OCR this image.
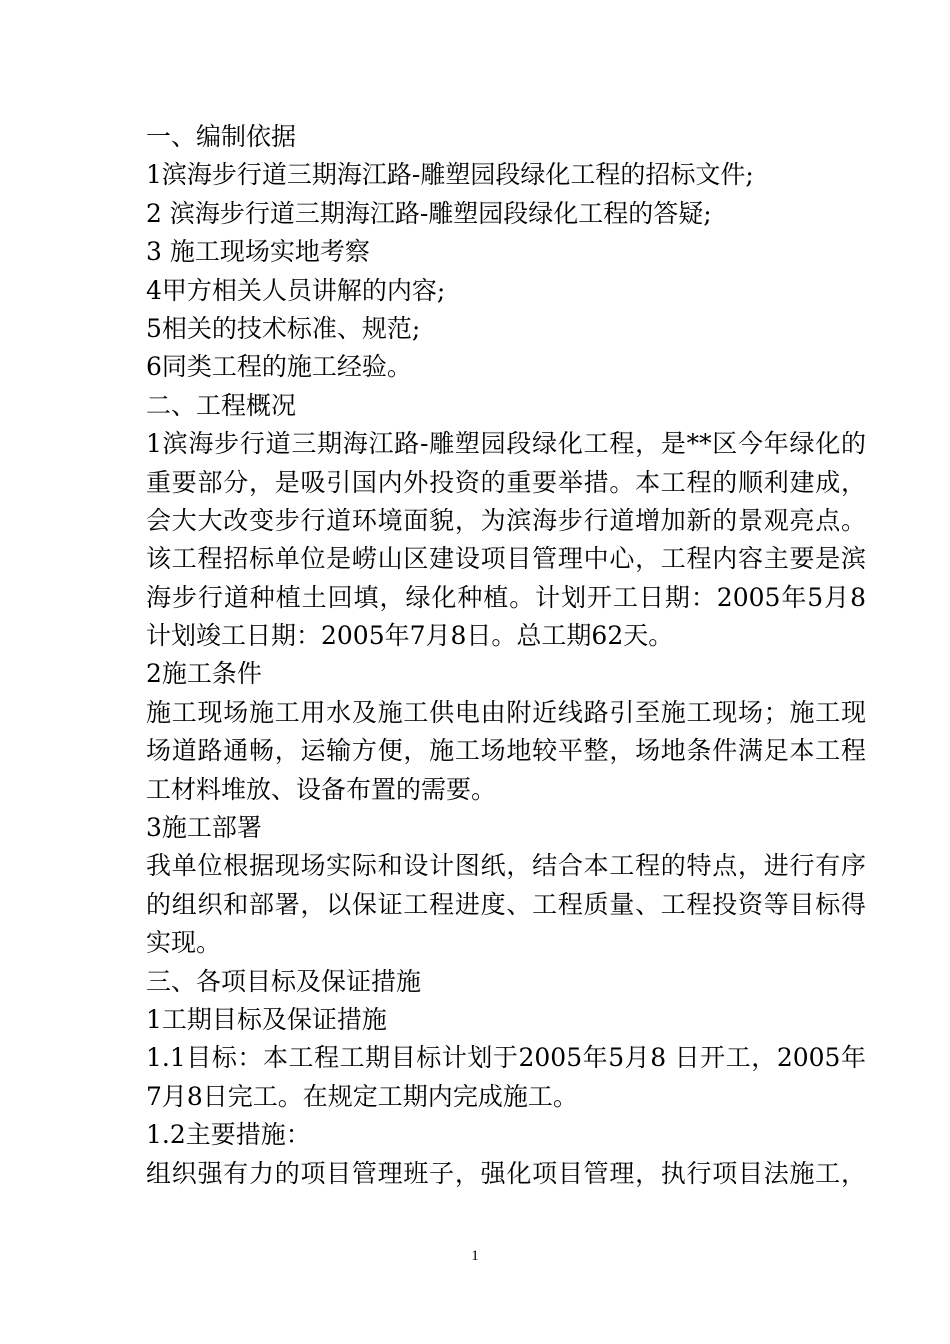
一、编制依据

1滨海步行道三期海江路-雕塑园段绿化工程的招标文件;

2 滨海步行道三期海江路-雕塑园段绿化工程的答疑;

3 施工现场实地考察

4甲方相关人员讲解的内容;

5相关的技术标准、规范;

6同类工程的施工经验。

二、工程概况

1滨海步行道三期海江路-雕塑园段绿化工程，是**区今年绿化的

重要部分，是吸引国内外投资的重要举措。本工程的顺利建成，

会大大改变步行道环境面貌，为滨海步行道增加新的景观亮点。

该工程招标单位是崂山区建设项目管理中心，工程内容主要是滨

海步行道种植土回填，绿化种植。计划开工日期：2005年5月8

计划竣工日期：2005年7月8日。总工期62天。

2施工条件

施工现场施工用水及施工供电由附近线路引至施工现场；施工现

场道路通畅，运输方便，施工场地较平整，场地条件满足本工程

工材料堆放、设备布置的需要。

3施工部署

我单位根据现场实际和设计图纸，结合本工程的特点，进行有序

的组织和部署，以保证工程进度、工程质量、工程投资等目标得

实现。

三、各项目标及保证措施

1工期目标及保证措施

1.1目标：本工程工期目标计划于2005年5月8 日开工，2005年

7月8日完工。在规定工期内完成施工。

1.2主要措施：

组织强有力的项目管理班子，强化项目管理，执行项目法施工，

1
